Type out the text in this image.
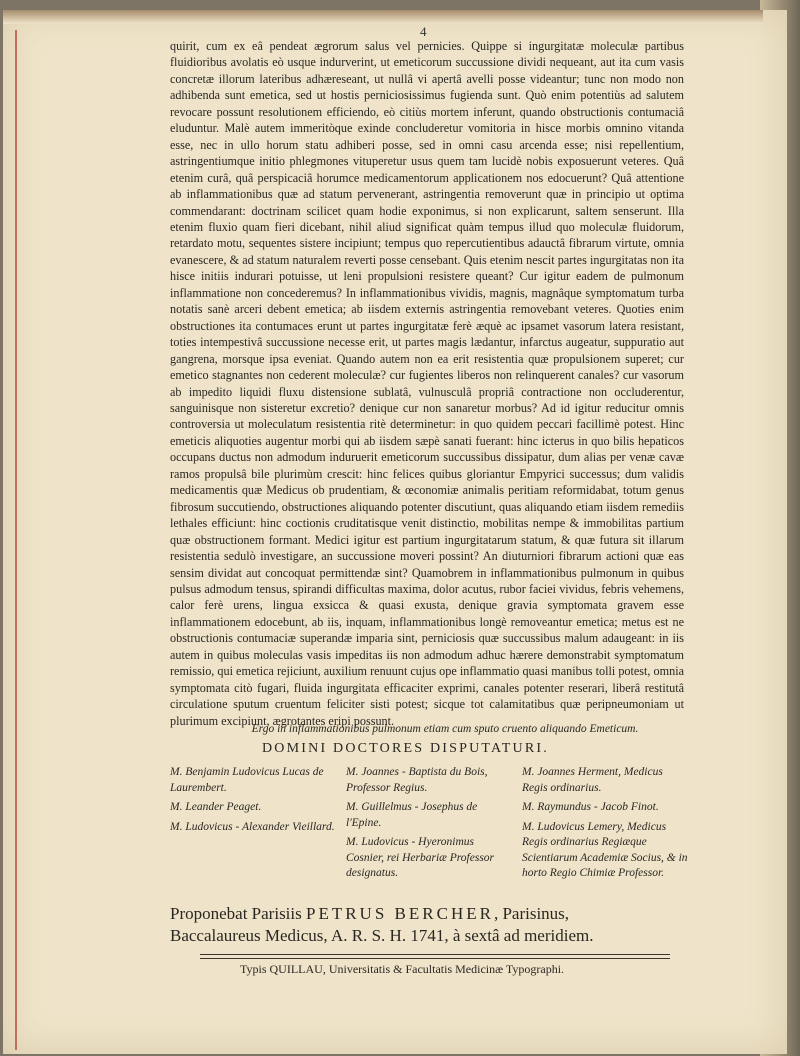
4

quirit, cum ex eâ pendeat ægrorum salus vel pernicies. Quippe si ingurgitatæ moleculæ partibus fluidioribus avolatis eò usque indurverint, ut emeticorum succussione dividi nequeant, aut ita cum vasis concretæ illorum lateribus adhæreseant, ut nullâ vi apertâ avelli posse videantur; tunc non modo non adhibenda sunt emetica, sed ut hostis perniciosissimus fugienda sunt. Quò enim potentiùs ad salutem revocare possunt resolutionem efficiendo, eò citiùs mortem inferunt, quando obstructionis contumaciâ eluduntur. Malè autem immeritòque exinde concluderetur vomitoria in hisce morbis omnino vitanda esse, nec in ullo horum statu adhiberi posse, sed in omni casu arcenda esse; nisi repellentium, astringentiumque initio phlegmones vituperetur usus quem tam lucidè nobis exposuerunt veteres. Quâ etenim curâ, quâ perspicaciâ horumce medicamentorum applicationem nos edocuerunt? Quâ attentione ab inflammationibus quæ ad statum pervenerant, astringentia removerunt quæ in principio ut optima commendarant: doctrinam scilicet quam hodie exponimus, si non explicarunt, saltem senserunt. Illa etenim fluxio quam fieri dicebant, nihil aliud significat quàm tempus illud quo moleculæ fluidorum, retardato motu, sequentes sistere incipiunt; tempus quo repercutientibus adauctâ fibrarum virtute, omnia evanescere, & ad statum naturalem reverti posse censebant. Quis etenim nescit partes ingurgitatas non ita hisce initiis indurari potuisse, ut leni propulsioni resistere queant? Cur igitur eadem de pulmonum inflammatione non concederemus? In inflammationibus vividis, magnis, magnâque symptomatum turba notatis sanè arceri debent emetica; ab iisdem externis astringentia removebant veteres. Quoties enim obstructiones ita contumaces erunt ut partes ingurgitatæ ferè æquè ac ipsamet vasorum latera resistant, toties intempestivâ succussione necesse erit, ut partes magis lædantur, infarctus augeatur, suppuratio aut gangrena, morsque ipsa eveniat. Quando autem non ea erit resistentia quæ propulsionem superet; cur emetico stagnantes non cederent moleculæ? cur fugientes liberos non relinquerent canales? cur vasorum ab impedito liquidi fluxu distensione sublatâ, vulnusculâ propriâ contractione non occluderentur, sanguinisque non sisteretur excretio? denique cur non sanaretur morbus? Ad id igitur reducitur omnis controversia ut moleculatum resistentia ritè determinetur: in quo quidem peccari facillimè potest. Hinc emeticis aliquoties augentur morbi qui ab iisdem sæpè sanati fuerant: hinc icterus in quo bilis hepaticos occupans ductus non admodum induruerit emeticorum succussibus dissipatur, dum alias per venæ cavæ ramos propulsâ bile plurimùm crescit: hinc felices quibus gloriantur Empyrici successus; dum validis medicamentis quæ Medicus ob prudentiam, & œconomiæ animalis peritiam reformidabat, totum genus fibrosum succutiendo, obstructiones aliquando potenter discutiunt, quas aliquando etiam iisdem remediis lethales efficiunt: hinc coctionis cruditatisque venit distinctio, mobilitas nempe & immobilitas partium quæ obstructionem formant. Medici igitur est partium ingurgitatarum statum, & quæ futura sit illarum resistentia sedulò investigare, an succussione moveri possint? An diuturniori fibrarum actioni quæ eas sensim dividat aut concoquat permittendæ sint? Quamobrem in inflammationibus pulmonum in quibus pulsus admodum tensus, spirandi difficultas maxima, dolor acutus, rubor faciei vividus, febris vehemens, calor ferè urens, lingua exsicca & quasi exusta, denique gravia symptomata gravem esse inflammationem edocebunt, ab iis, inquam, inflammationibus longè removeantur emetica; metus est ne obstructionis contumaciæ superandæ imparia sint, perniciosis quæ succussibus malum adaugeant: in iis autem in quibus moleculas vasis impeditas iis non admodum adhuc hærere demonstrabit symptomatum remissio, qui emetica rejiciunt, auxilium renuunt cujus ope inflammatio quasi manibus tolli potest, omnia symptomata citò fugari, fluida ingurgitata efficaciter exprimi, canales potenter reserari, liberâ restitutâ circulatione sputum cruentum feliciter sisti potest; sicque tot calamitatibus quæ peripneumoniam ut plurimum excipiunt, ægrotantes eripi possunt.

Ergo in inflammationibus pulmonum etiam cum sputo cruento aliquando Emeticum.
DOMINI DOCTORES DISPUTATURI.
M. Benjamin Ludovicus Lucas de Laurembert.
M. Leander Peaget.
M. Ludovicus - Alexander Vieillard.
M. Joannes - Baptista du Bois, Professor Regius.
M. Guillelmus - Josephus de l'Epine.
M. Ludovicus - Hyeronimus Cosnier, rei Herbariæ Professor designatus.
M. Joannes Herment, Medicus Regis ordinarius.
M. Raymundus - Jacob Finot.
M. Ludovicus Lemery, Medicus Regis ordinarius Regiæque Scientiarum Academiæ Socius, & in horto Regio Chimiæ Professor.

Proponebat Parisiis PETRUS BERCHER, Parisinus,
Baccalaureus Medicus, A. R. S. H. 1741, à sextâ ad meridiem.

Typis QUILLAU, Universitatis & Facultatis Medicinæ Typographi.
